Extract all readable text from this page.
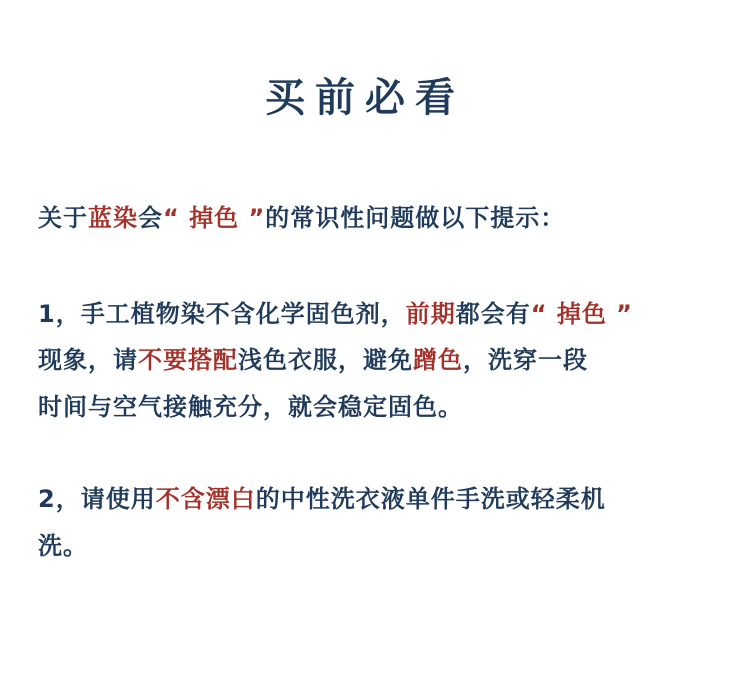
买前必看
关于蓝染会“ 掉色 ”的常识性问题做以下提示：
1，手工植物染不含化学固色剂，前期都会有“ 掉色 ”
现象，请不要搭配浅色衣服，避免蹭色，洗穿一段
时间与空气接触充分，就会稳定固色。
2，请使用不含漂白的中性洗衣液单件手洗或轻柔机
洗。
